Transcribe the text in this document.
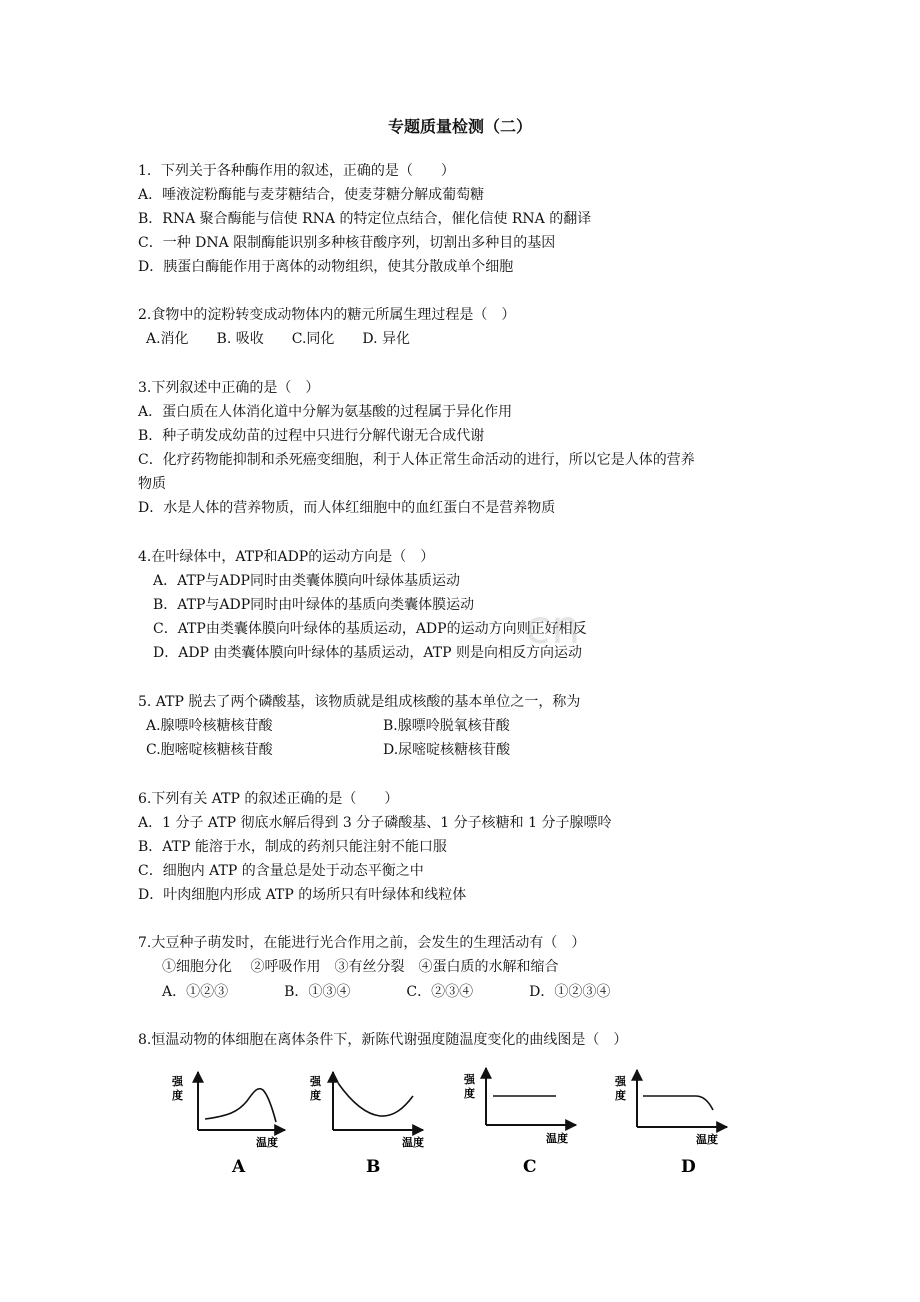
cn
专题质量检测（二）
1．下列关于各种酶作用的叙述，正确的是（　　）
A．唾液淀粉酶能与麦芽糖结合，使麦芽糖分解成葡萄糖
B．RNA 聚合酶能与信使 RNA 的特定位点结合，催化信使 RNA 的翻译
C．一种 DNA 限制酶能识别多种核苷酸序列，切割出多种目的基因
D．胰蛋白酶能作用于离体的动物组织，使其分散成单个细胞
2.食物中的淀粉转变成动物体内的糖元所属生理过程是（　）
A.消化　　B. 吸收　　C.同化　　D. 异化
3.下列叙述中正确的是（　）
A．蛋白质在人体消化道中分解为氨基酸的过程属于异化作用
B．种子萌发成幼苗的过程中只进行分解代谢无合成代谢
C．化疗药物能抑制和杀死癌变细胞，利于人体正常生命活动的进行，所以它是人体的营养
物质
D．水是人体的营养物质，而人体红细胞中的血红蛋白不是营养物质
4.在叶绿体中，ATP和ADP的运动方向是（　）
A．ATP与ADP同时由类囊体膜向叶绿体基质运动
B．ATP与ADP同时由叶绿体的基质向类囊体膜运动
C．ATP由类囊体膜向叶绿体的基质运动，ADP的运动方向则正好相反
D．ADP 由类囊体膜向叶绿体的基质运动，ATP 则是向相反方向运动
5. ATP 脱去了两个磷酸基，该物质就是组成核酸的基本单位之一，称为
A.腺嘌呤核糖核苷酸	B.腺嘌呤脱氧核苷酸
C.胞嘧啶核糖核苷酸	D.尿嘧啶核糖核苷酸
6.下列有关 ATP 的叙述正确的是（　　）
A．1 分子 ATP 彻底水解后得到 3 分子磷酸基、1 分子核糖和 1 分子腺嘌呤
B．ATP 能溶于水，制成的药剂只能注射不能口服
C．细胞内 ATP 的含量总是处于动态平衡之中
D．叶肉细胞内形成 ATP 的场所只有叶绿体和线粒体
7.大豆种子萌发时，在能进行光合作用之前，会发生的生理活动有（　）
①细胞分化　 ②呼吸作用　③有丝分裂　④蛋白质的水解和缩合
A．①②③　　　　B．①③④　　　　C．②③④　　　　D．①②③④
8.恒温动物的体细胞在离体条件下，新陈代谢强度随温度变化的曲线图是（　）
强
度
温度
A
强
度
温度
B
强
度
温度
C
强
度
温度
D
